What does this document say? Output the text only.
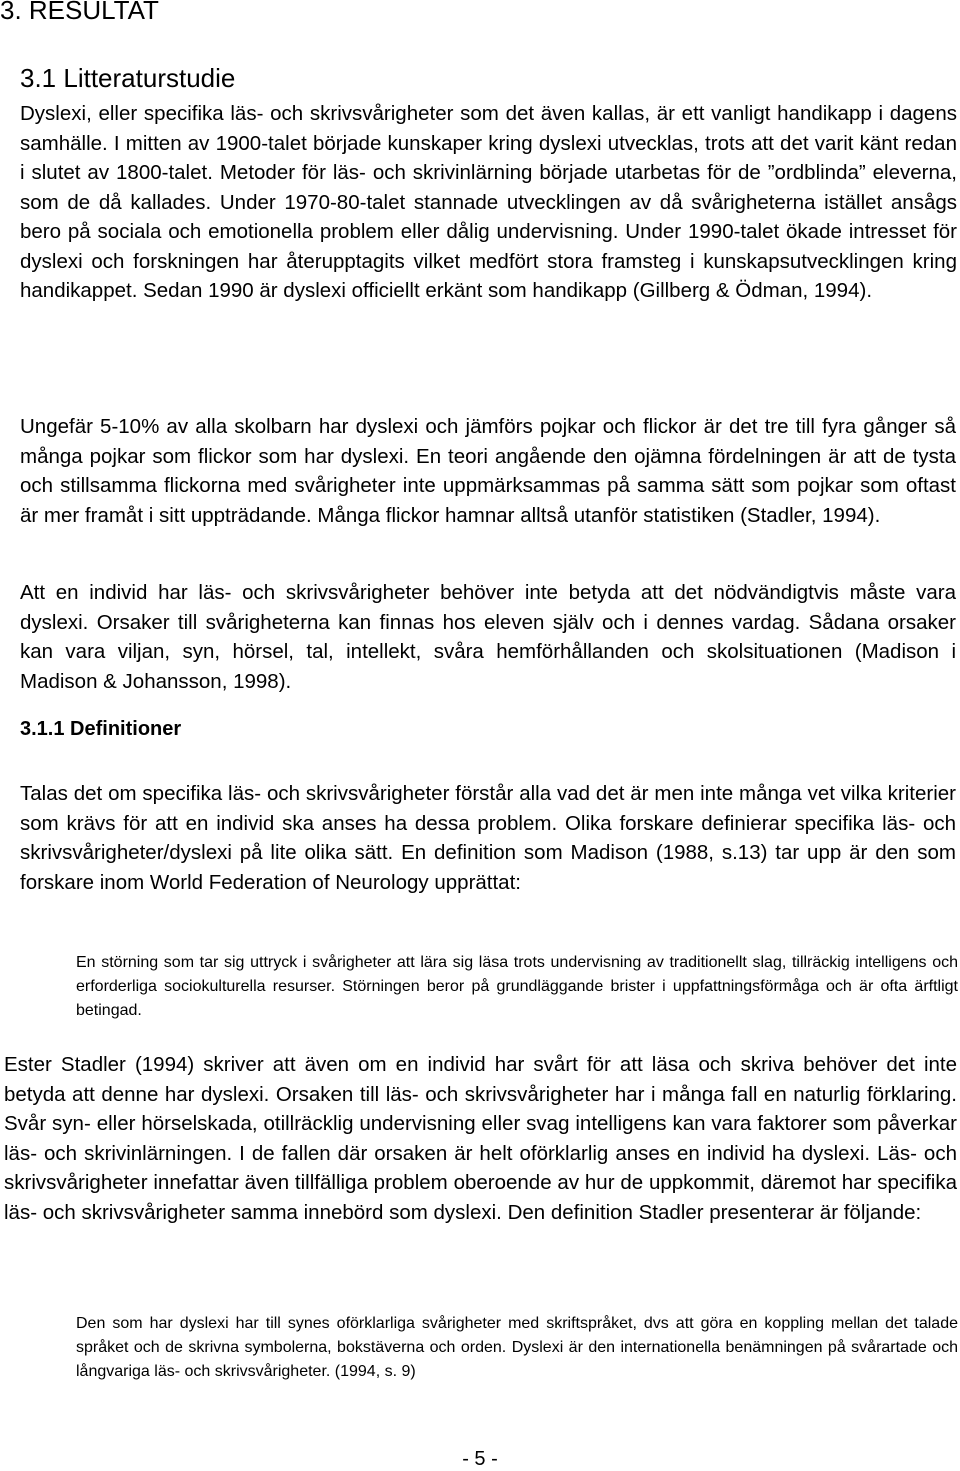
3. RESULTAT
3.1 Litteraturstudie

Dyslexi, eller specifika läs- och skrivsvårigheter som det även kallas, är ett vanligt handikapp i dagens samhälle. I mitten av 1900-talet började kunskaper kring dyslexi utvecklas, trots att det varit känt redan i slutet av 1800-talet. Metoder för läs- och skrivinlärning började utarbetas för de ”ordblinda” eleverna, som de då kallades. Under 1970-80-talet stannade utvecklingen av då svårigheterna istället ansågs bero på sociala och emotionella problem eller dålig undervisning. Under 1990-talet ökade intresset för dyslexi och forskningen har återupptagits vilket medfört stora framsteg i kunskapsutvecklingen kring handikappet. Sedan 1990 är dyslexi officiellt erkänt som handikapp (Gillberg & Ödman, 1994).

Ungefär 5-10% av alla skolbarn har dyslexi och jämförs pojkar och flickor är det tre till fyra gånger så många pojkar som flickor som har dyslexi. En teori angående den ojämna fördelningen är att de tysta och stillsamma flickorna med svårigheter inte uppmärksammas på samma sätt som pojkar som oftast är mer framåt i sitt uppträdande. Många flickor hamnar alltså utanför statistiken (Stadler, 1994).

Att en individ har läs- och skrivsvårigheter behöver inte betyda att det nödvändigtvis måste vara dyslexi. Orsaker till svårigheterna kan finnas hos eleven själv och i dennes vardag. Sådana orsaker kan vara viljan, syn, hörsel, tal, intellekt, svåra hemförhållanden och skolsituationen (Madison i Madison & Johansson, 1998).

3.1.1 Definitioner

Talas det om specifika läs- och skrivsvårigheter förstår alla vad det är men inte många vet vilka kriterier som krävs för att en individ ska anses ha dessa problem. Olika forskare definierar specifika läs- och skrivsvårigheter/dyslexi på lite olika sätt. En definition som Madison (1988, s.13) tar upp är den som forskare inom World Federation of Neurology upprättat:

En störning som tar sig uttryck i svårigheter att lära sig läsa trots undervisning av traditionellt slag, tillräckig intelligens och erforderliga sociokulturella resurser. Störningen beror på grundläggande brister i uppfattningsförmåga och är ofta ärftligt betingad.

Ester Stadler (1994) skriver att även om en individ har svårt för att läsa och skriva behöver det inte betyda att denne har dyslexi. Orsaken till läs- och skrivsvårigheter har i många fall en naturlig förklaring. Svår syn- eller hörselskada, otillräcklig undervisning eller svag intelligens kan vara faktorer som påverkar läs- och skrivinlärningen. I de fallen där orsaken är helt oförklarlig anses en individ ha dyslexi. Läs- och skrivsvårigheter innefattar även tillfälliga problem oberoende av hur de uppkommit, däremot har specifika läs- och skrivsvårigheter samma innebörd som dyslexi. Den definition Stadler presenterar är följande:

Den som har dyslexi har till synes oförklarliga svårigheter med skriftspråket, dvs att göra en koppling mellan det talade språket och de skrivna symbolerna, bokstäverna och orden. Dyslexi är den internationella benämningen på svårartade och långvariga läs- och skrivsvårigheter. (1994, s. 9)

- 5 -
